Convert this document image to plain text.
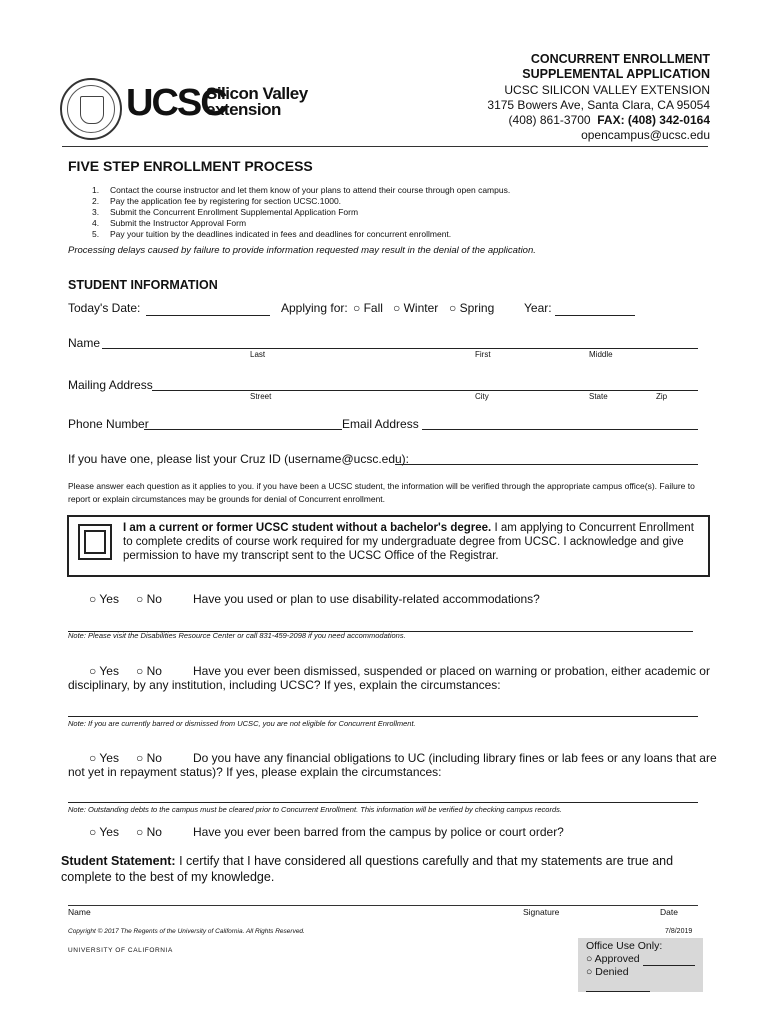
UCSC
Silicon Valley
extension
CONCURRENT ENROLLMENT
SUPPLEMENTAL APPLICATION
UCSC SILICON VALLEY EXTENSION
3175 Bowers Ave, Santa Clara, CA 95054
(408) 861-3700 FAX: (408) 342-0164
opencampus@ucsc.edu
FIVE STEP ENROLLMENT PROCESS
1. Contact the course instructor and let them know of your plans to attend their course through open campus.
2. Pay the application fee by registering for section UCSC.1000.
3. Submit the Concurrent Enrollment Supplemental Application Form
4. Submit the Instructor Approval Form
5. Pay your tuition by the deadlines indicated in fees and deadlines for concurrent enrollment.
Processing delays caused by failure to provide information requested may result in the denial of the application.
STUDENT INFORMATION
Today's Date:	Applying for: ○ Fall ○ Winter ○ Spring Year:
Name
Last	First	Middle
Mailing Address
Street	City	State	Zip
Phone Number	Email Address
If you have one, please list your Cruz ID (username@ucsc.edu):
Please answer each question as it applies to you. if you have been a UCSC student, the information will be verified through the appropriate campus office(s). Failure to report or explain circumstances may be grounds for denial of Concurrent enrollment.
I am a current or former UCSC student without a bachelor's degree. I am applying to Concurrent Enrollment to complete credits of course work required for my undergraduate degree from UCSC. I acknowledge and give permission to have my transcript sent to the UCSC Office of the Registrar.
○ Yes ○ No	Have you used or plan to use disability-related accommodations?
Note: Please visit the Disabilities Resource Center or call 831-459-2098 if you need accommodations.
○ Yes ○ No	Have you ever been dismissed, suspended or placed on warning or probation, either academic or
disciplinary, by any institution, including UCSC? If yes, explain the circumstances:
Note: If you are currently barred or dismissed from UCSC, you are not eligible for Concurrent Enrollment.
○ Yes ○ No	Do you have any financial obligations to UC (including library fines or lab fees or any loans that are
not yet in repayment status)? If yes, please explain the circumstances:
Note: Outstanding debts to the campus must be cleared prior to Concurrent Enrollment. This information will be verified by checking campus records.
○ Yes ○ No	Have you ever been barred from the campus by police or court order?
Student Statement: I certify that I have considered all questions carefully and that my statements are true and complete to the best of my knowledge.
Name	Signature	Date
Copyright © 2017 The Regents of the University of California. All Rights Reserved.	7/8/2019
UNIVERSITY OF CALIFORNIA	Office Use Only:
○ Approved
○ Denied
